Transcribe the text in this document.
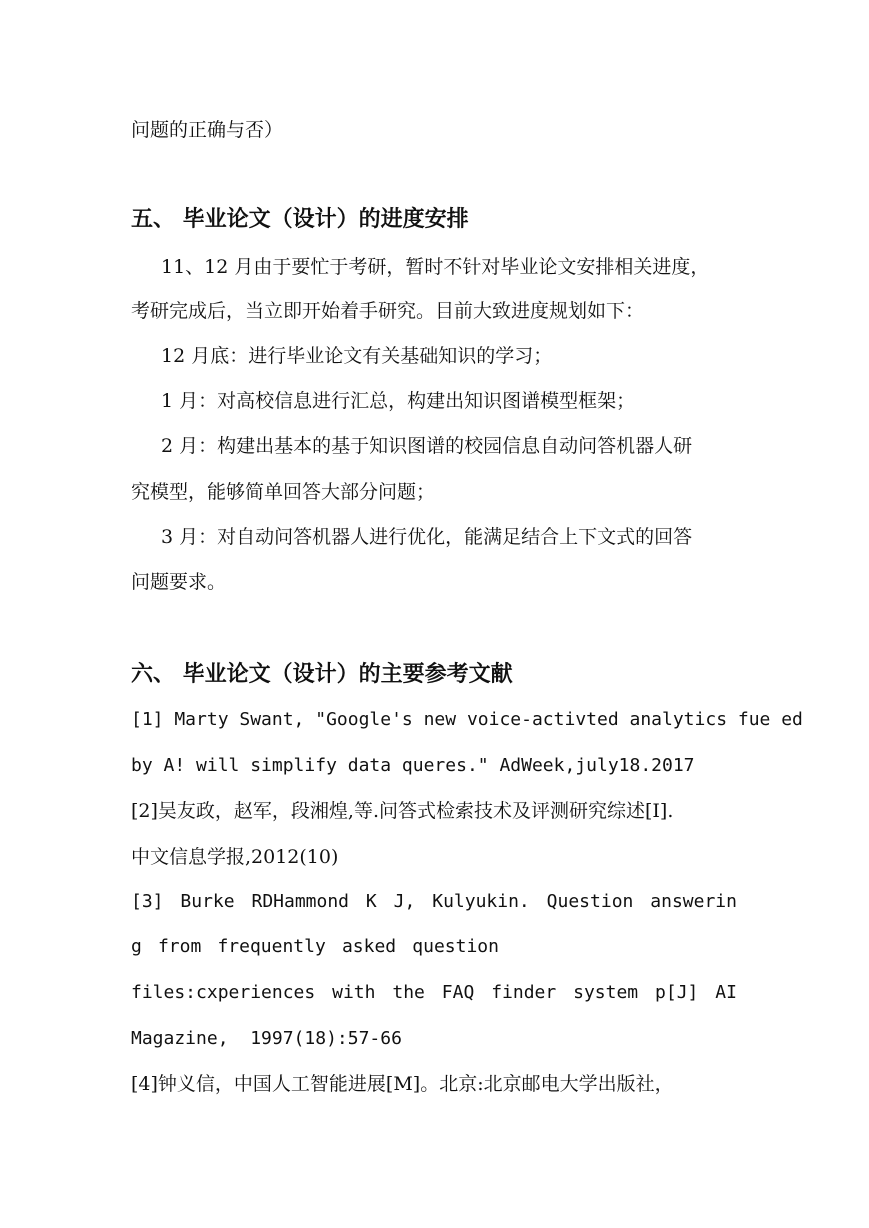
问题的正确与否）
五、 毕业论文（设计）的进度安排
11、12 月由于要忙于考研，暂时不针对毕业论文安排相关进度，
考研完成后，当立即开始着手研究。目前大致进度规划如下：
12 月底：进行毕业论文有关基础知识的学习；
1 月：对高校信息进行汇总，构建出知识图谱模型框架；
2 月：构建出基本的基于知识图谱的校园信息自动问答机器人研
究模型，能够简单回答大部分问题；
3 月：对自动问答机器人进行优化，能满足结合上下文式的回答
问题要求。
六、 毕业论文（设计）的主要参考文献
[1] Marty Swant, "Google's new voice-activted analytics fue ed
by A! will simplify data queres." AdWeek,july18.2017
[2]吴友政，赵军，段湘煌,等.问答式检索技术及评测研究综述[I].
中文信息学报,2012(10)
[3] Burke RDHammond K J, Kulyukin. Question answerin
g from frequently asked question
files:cxperiences with the FAQ finder system p[J] AI
Magazine,  1997(18):57-66
[4]钟义信，中国人工智能进展[M]。北京:北京邮电大学出版社，
